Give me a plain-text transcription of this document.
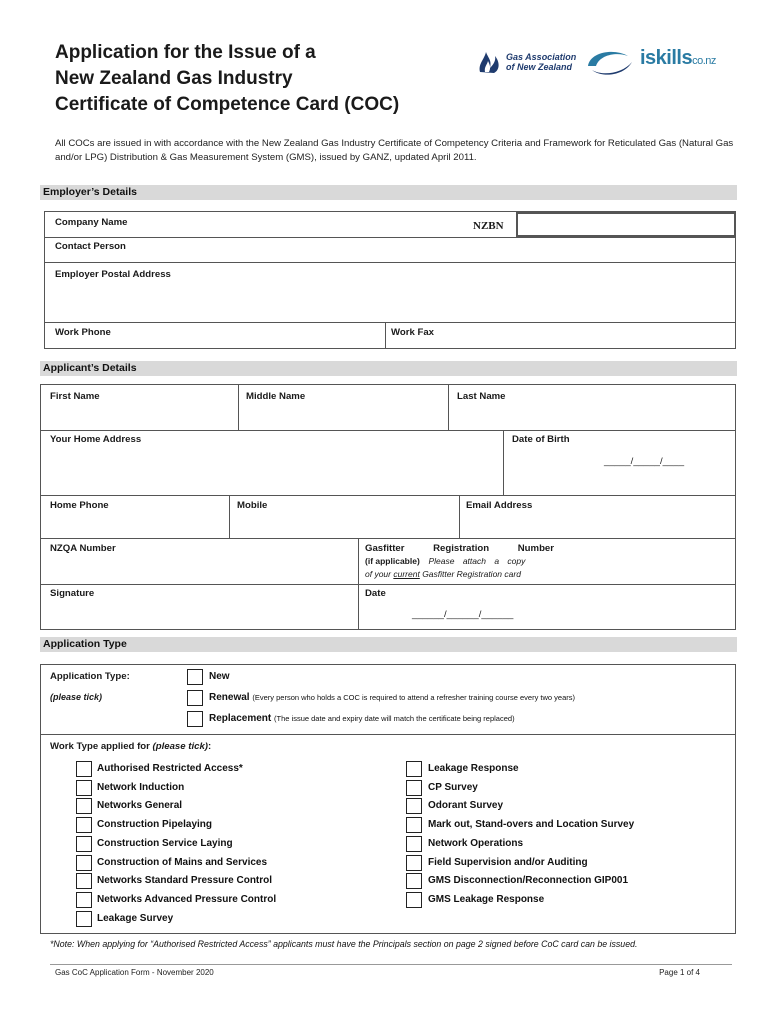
Application for the Issue of a
New Zealand Gas Industry
Certificate of Competence Card (COC)
Gas Association
of New Zealand	iskillsco.nz

All COCs are issued in with accordance with the New Zealand Gas Industry Certificate of Competency Criteria and Framework for Reticulated Gas (Natural Gas and/or LPG) Distribution & Gas Measurement System (GMS), issued by GANZ, updated April 2011.
Employer’s Details
Company Name	NZBN
Contact Person
Employer Postal Address
Work Phone	Work Fax
Applicant’s Details
First Name	Middle Name	Last Name
Your Home Address	Date of Birth
_____/_____/____
Home Phone	Mobile	Email Address
NZQA Number	Gasfitter Registration Number
(if applicable) Please attach a copy
of your current Gasfitter Registration card
Signature	Date
______/______/______
Application Type
Application Type:
(please tick)
New
Renewal (Every person who holds a COC is required to attend a refresher training course every two years)
Replacement (The issue date and expiry date will match the certificate being replaced)
Work Type applied for (please tick):
Authorised Restricted Access*
Network Induction
Networks General
Construction Pipelaying
Construction Service Laying
Construction of Mains and Services
Networks Standard Pressure Control
Networks Advanced Pressure Control
Leakage Survey
Leakage Response
CP Survey
Odorant Survey
Mark out, Stand-overs and Location Survey
Network Operations
Field Supervision and/or Auditing
GMS Disconnection/Reconnection GIP001
GMS Leakage Response
*Note: When applying for “Authorised Restricted Access” applicants must have the Principals section on page 2 signed before CoC card can be issued.
Gas CoC Application Form - November 2020	Page 1 of 4
